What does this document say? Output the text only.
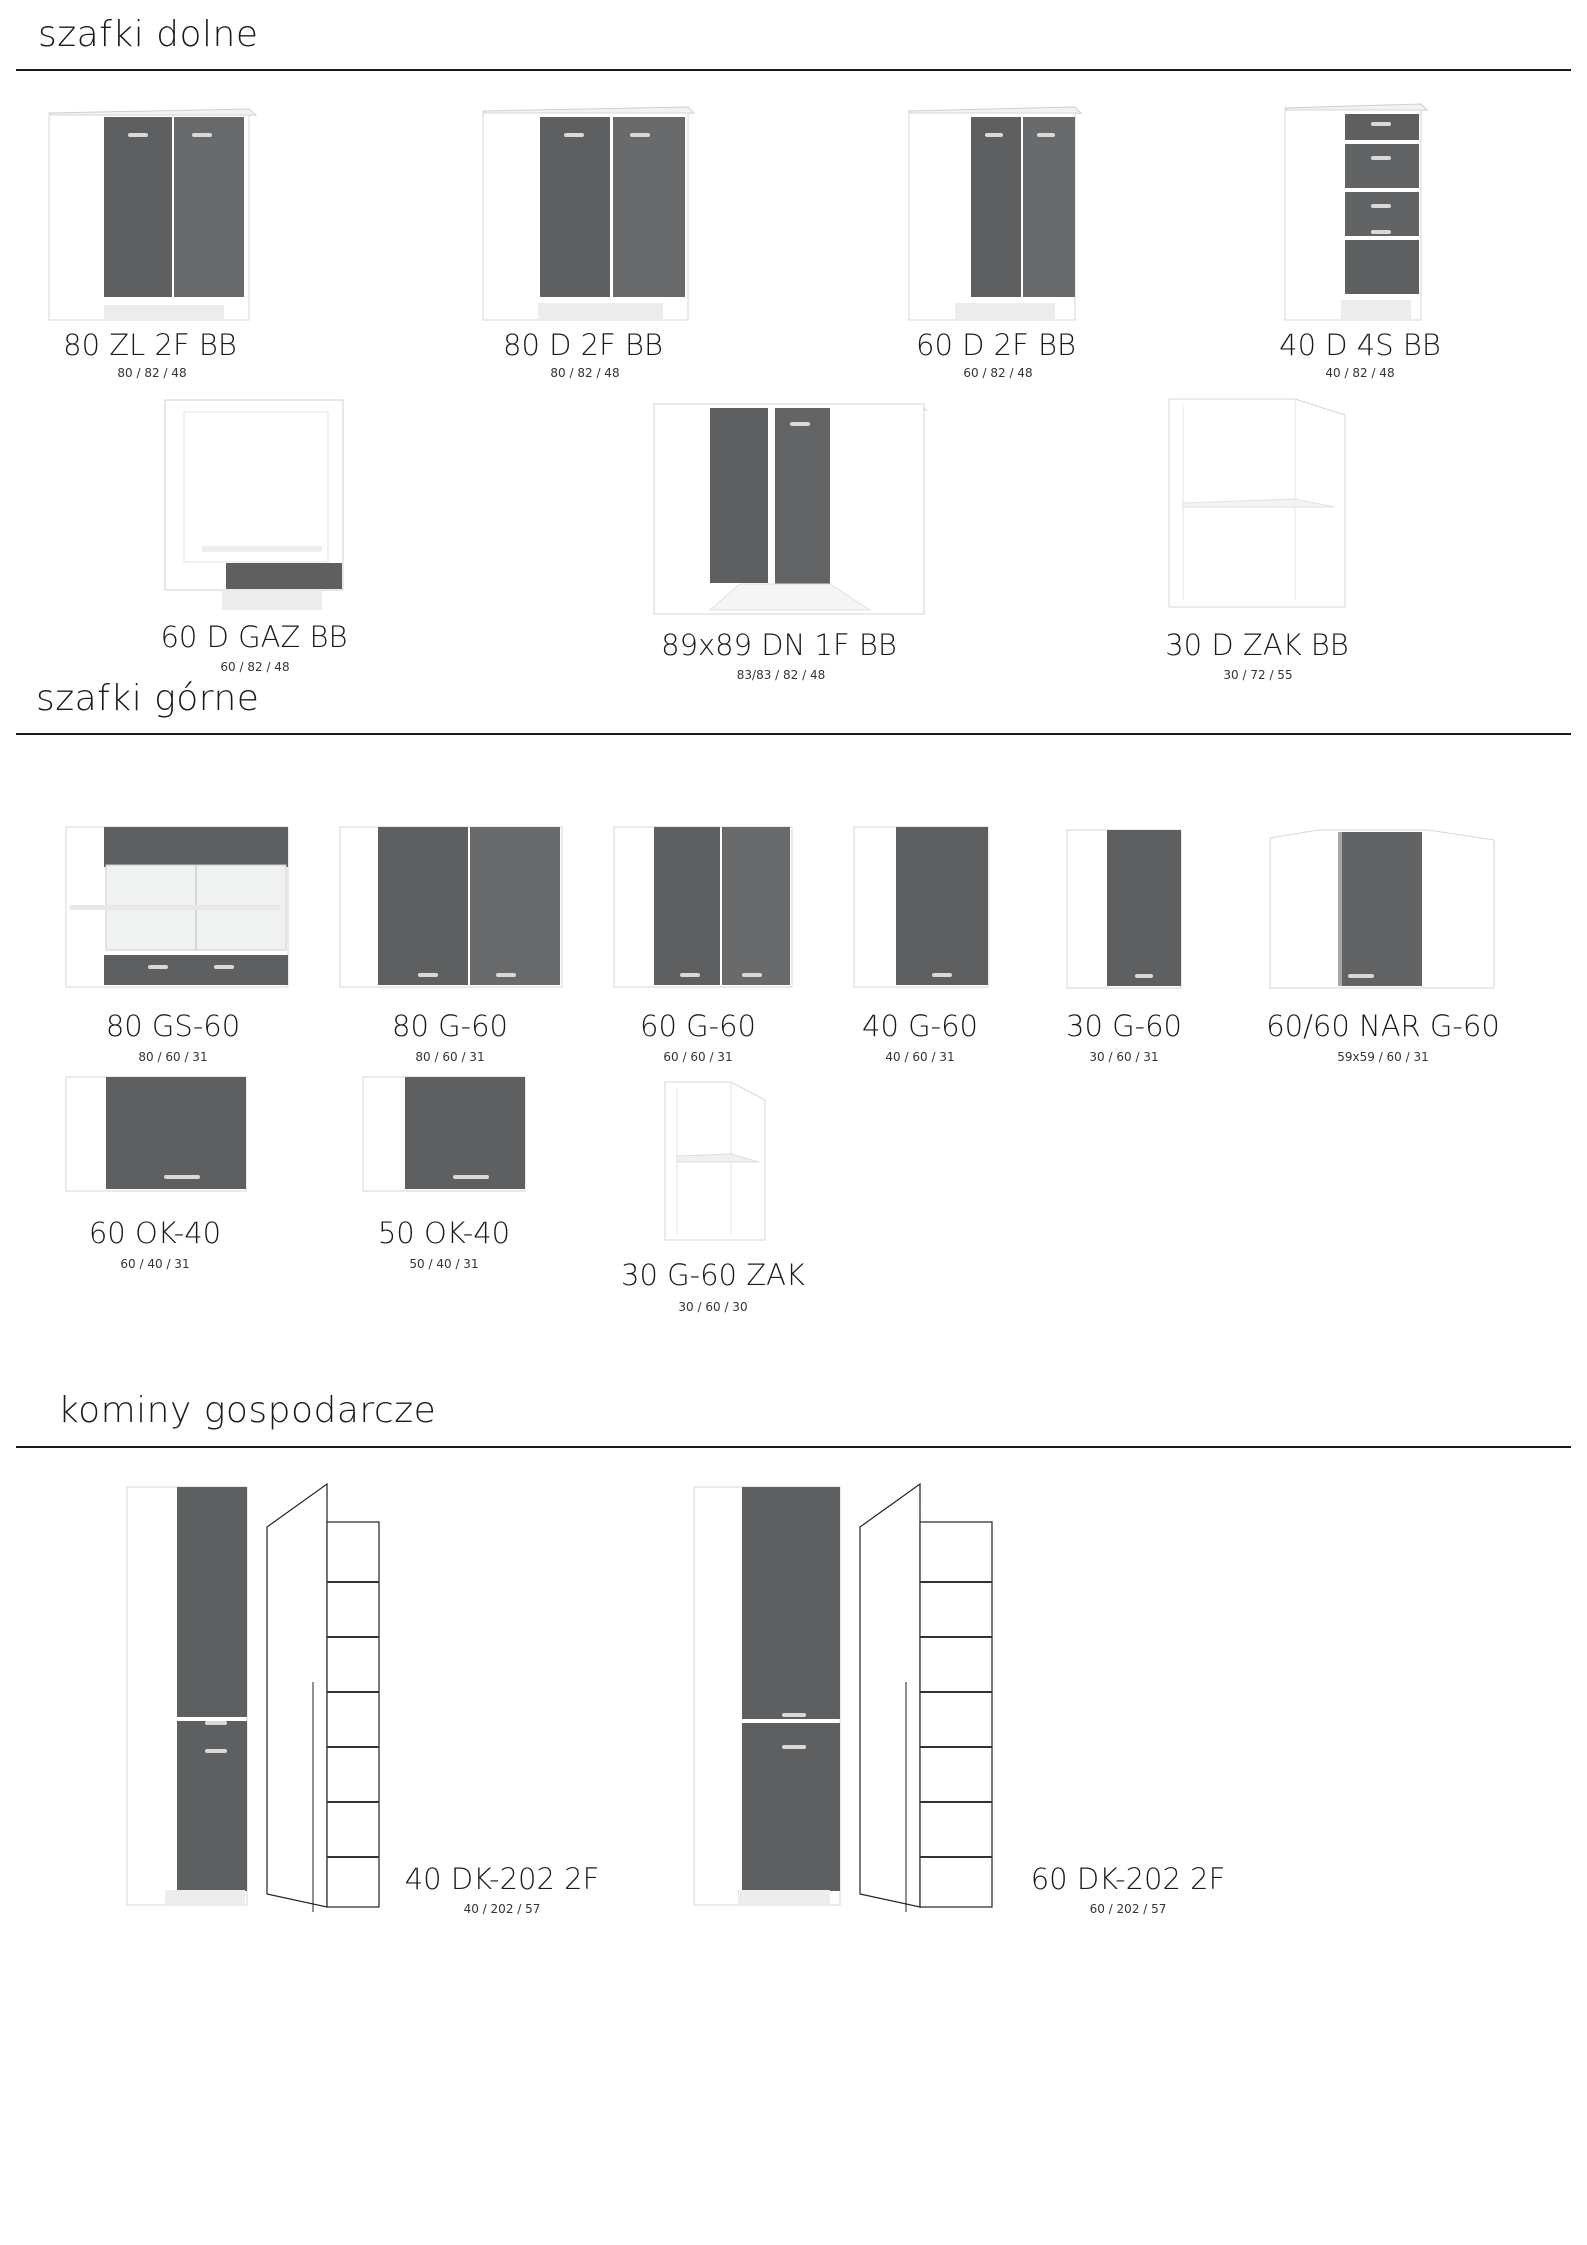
szafki dolne
80 ZL 2F BB
80 / 82 / 48
80 D 2F BB
80 / 82 / 48
60 D 2F BB
60 / 82 / 48
40 D 4S BB
40 / 82 / 48
60 D GAZ BB
60 / 82 / 48
89x89 DN 1F BB
83/83 / 82 / 48
30 D ZAK BB
30 / 72 / 55
szafki górne
80 GS-60
80 / 60 / 31
80 G-60
80 / 60 / 31
60 G-60
60 / 60 / 31
40 G-60
40 / 60 / 31
30 G-60
30 / 60 / 31
60/60 NAR G-60
59x59 / 60 / 31
60 OK-40
60 / 40 / 31
50 OK-40
50 / 40 / 31	30 G-60 ZAK
30 / 60 / 30
kominy gospodarcze
40 DK-202 2F
40 / 202 / 57
60 DK-202 2F
60 / 202 / 57
